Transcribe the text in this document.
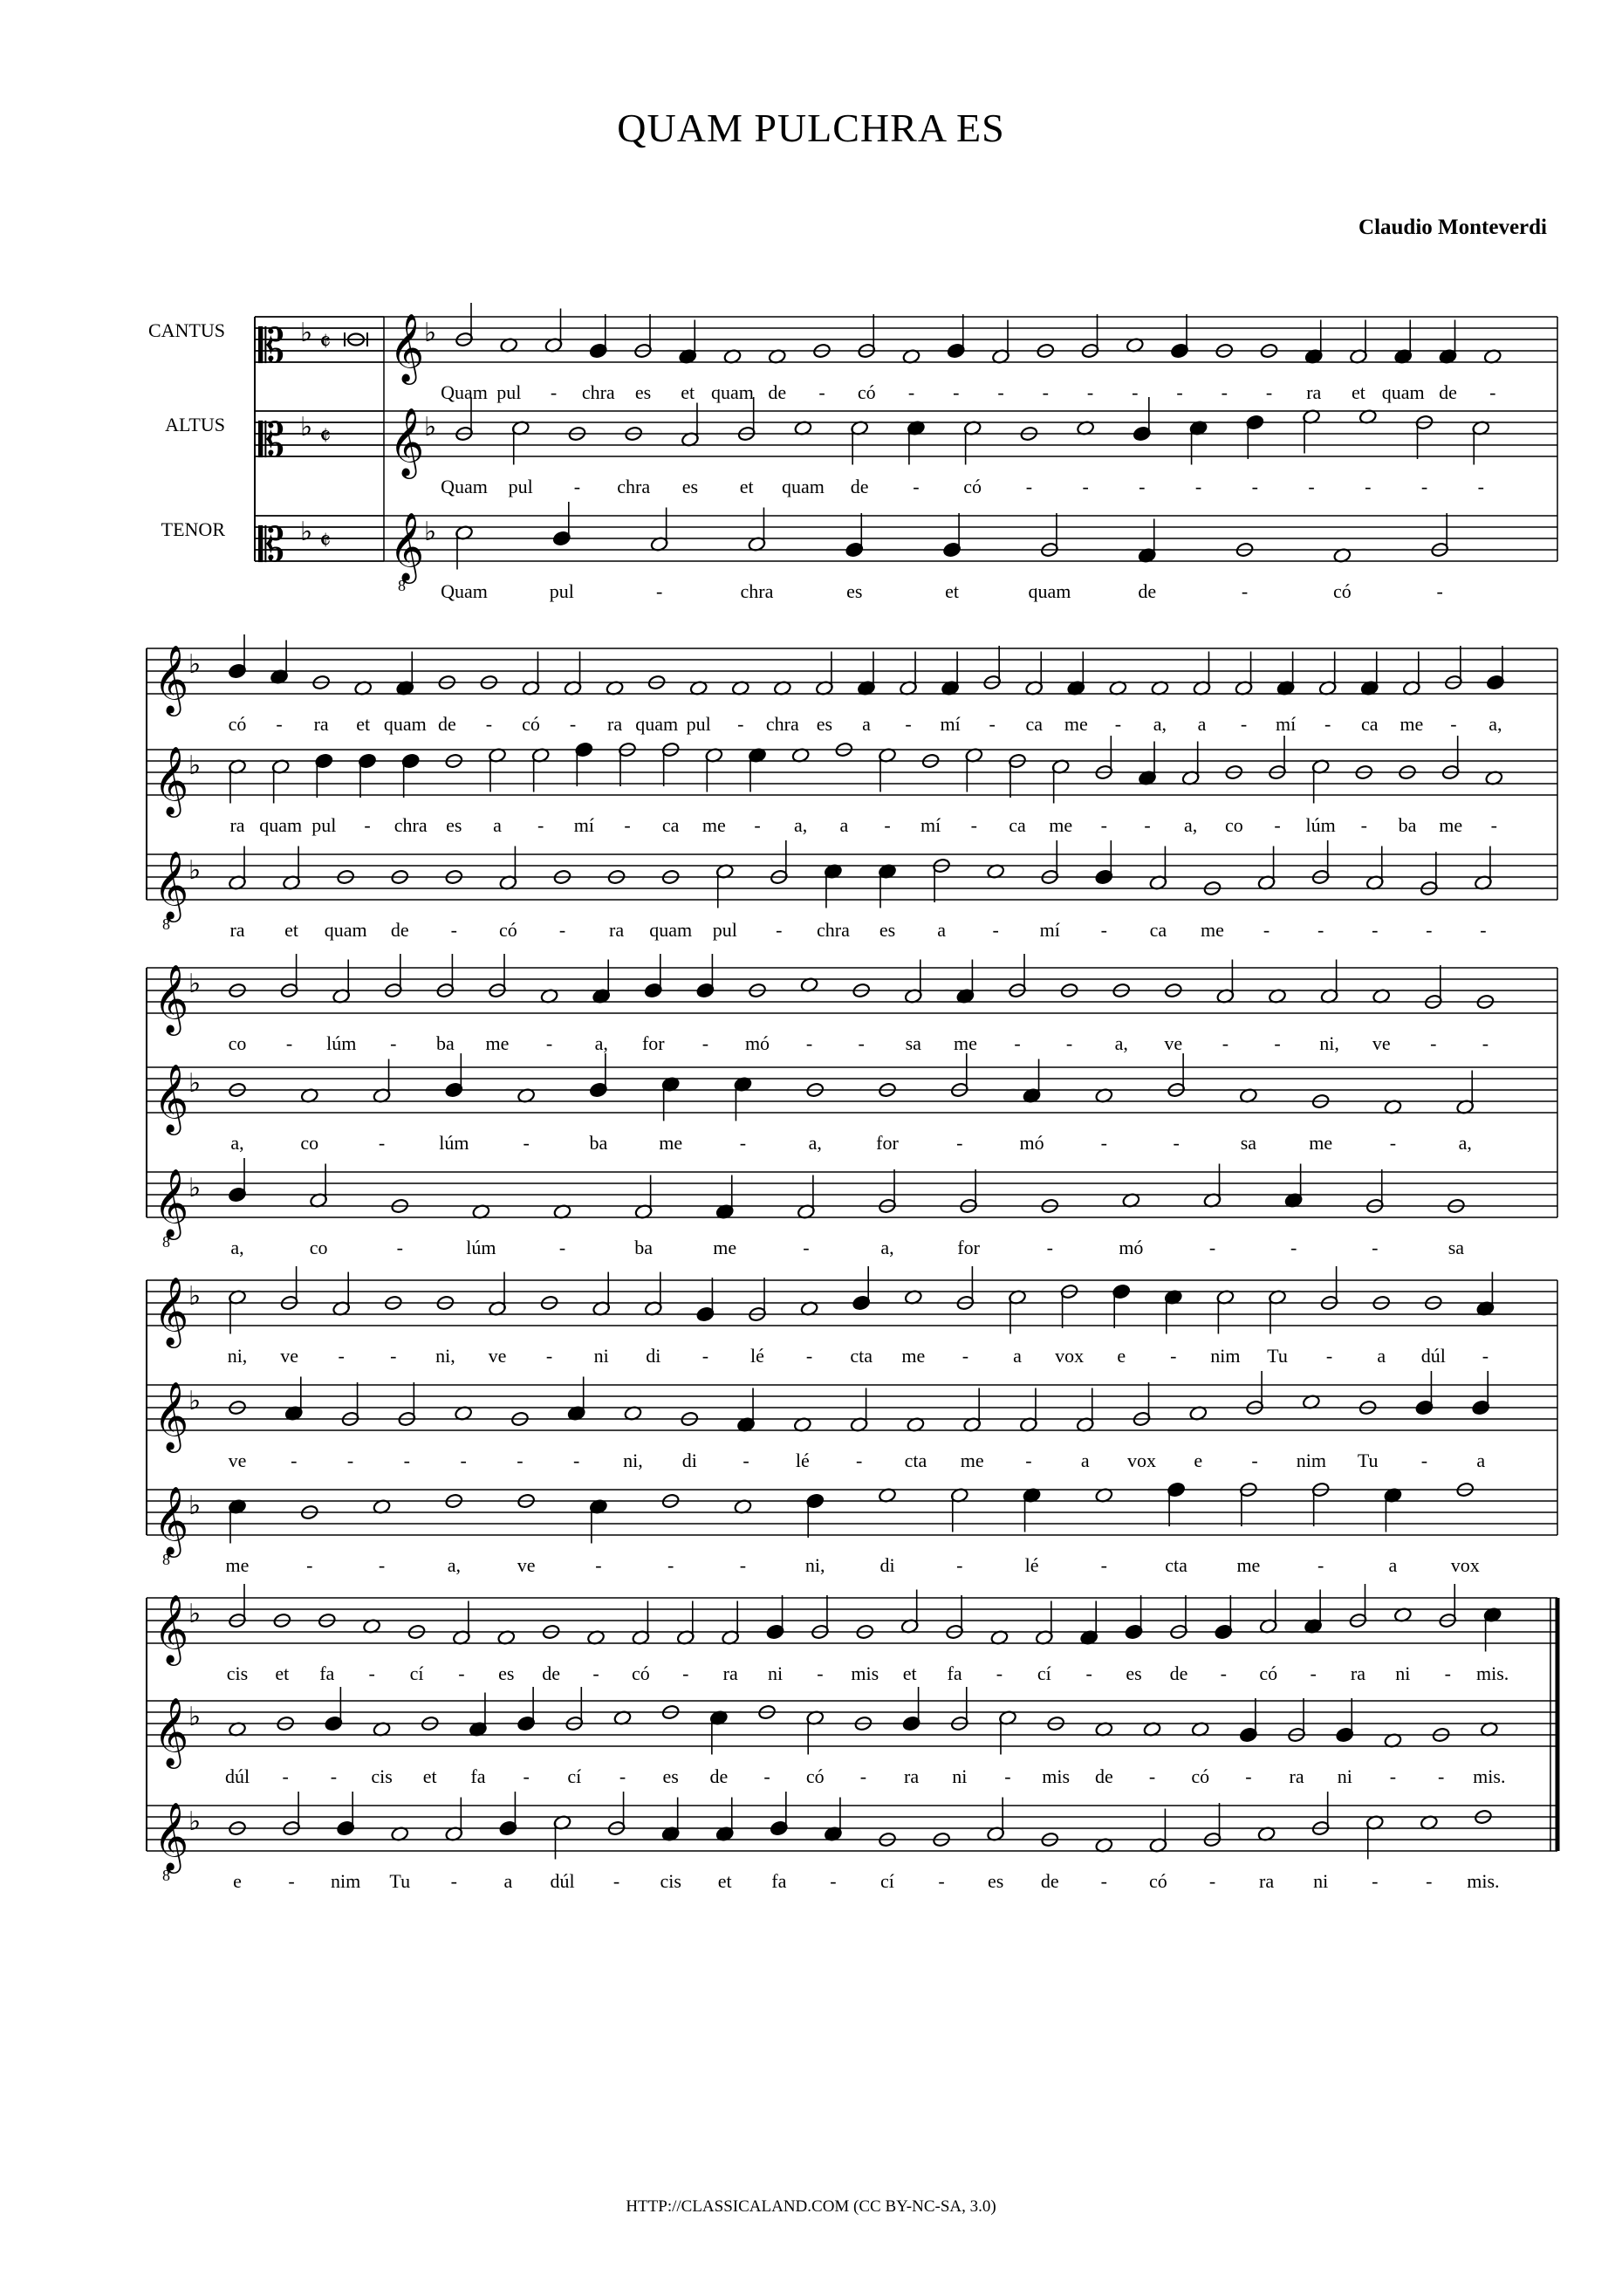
QUAM PULCHRA ES
Claudio Monteverdi
CANTUS
ALTUS
TENOR
𝄡 ♭ 𝄵
𝄡 ♭ 𝄵
𝄡 ♭ 𝄵
𝄞 ♭
Quam pul - chra es et quam de - có - - - - - - - - - ra et quam de -
𝄞 ♭
Quam pul - chra es et quam de - có -	-	-	-	-	-	-	-	-
𝄞
8
♭
Quam	pul	-	chra	es	et	quam	de	-	có	-
𝄞 ♭
có - ra et quam de - có - ra quam pul - chra es a - mí - ca me - a, a - mí - ca me - a,
𝄞 ♭
ra quam pul - chra es a - mí - ca me - a, a - mí - ca me - - a, co - lúm - ba me -
𝄞
8
♭
ra et quam de - có - ra quam pul - chra es a - mí - ca me - - - - -
𝄞 ♭
co - lúm - ba me - a, for - mó - - sa me - - a, ve - - ni, ve - -
𝄞 ♭
a,	co	-	lúm	-	ba	me	-	a,	for	-	mó	-	-	sa	me	-	a,
𝄞
8
♭
a,	co	-	lúm	-	ba	me	-	a,	for	-	mó	-	-	-	sa
𝄞 ♭
ni, ve - - ni, ve - ni di - lé - cta me - a vox e - nim Tu - a dúl -
𝄞 ♭
ve -	-	-	-	-	- ni, di - lé - cta me -	a vox e	- nim Tu -	a
𝄞
8
♭
me	-	-	a,	ve	-	-	-	ni,	di	-	lé	-	cta	me	-	a	vox
𝄞 ♭
cis et fa - cí - es de - có - ra ni - mis et fa - cí - es de - có - ra ni - mis.
𝄞 ♭
dúl - - cis et fa - cí - es de - có - ra ni - mis de - có - ra ni - - mis.
𝄞
8
♭
e - nim Tu - a dúl - cis et fa - cí - es de - có - ra ni - - mis.
HTTP://CLASSICALAND.COM (CC BY-NC-SA, 3.0)
